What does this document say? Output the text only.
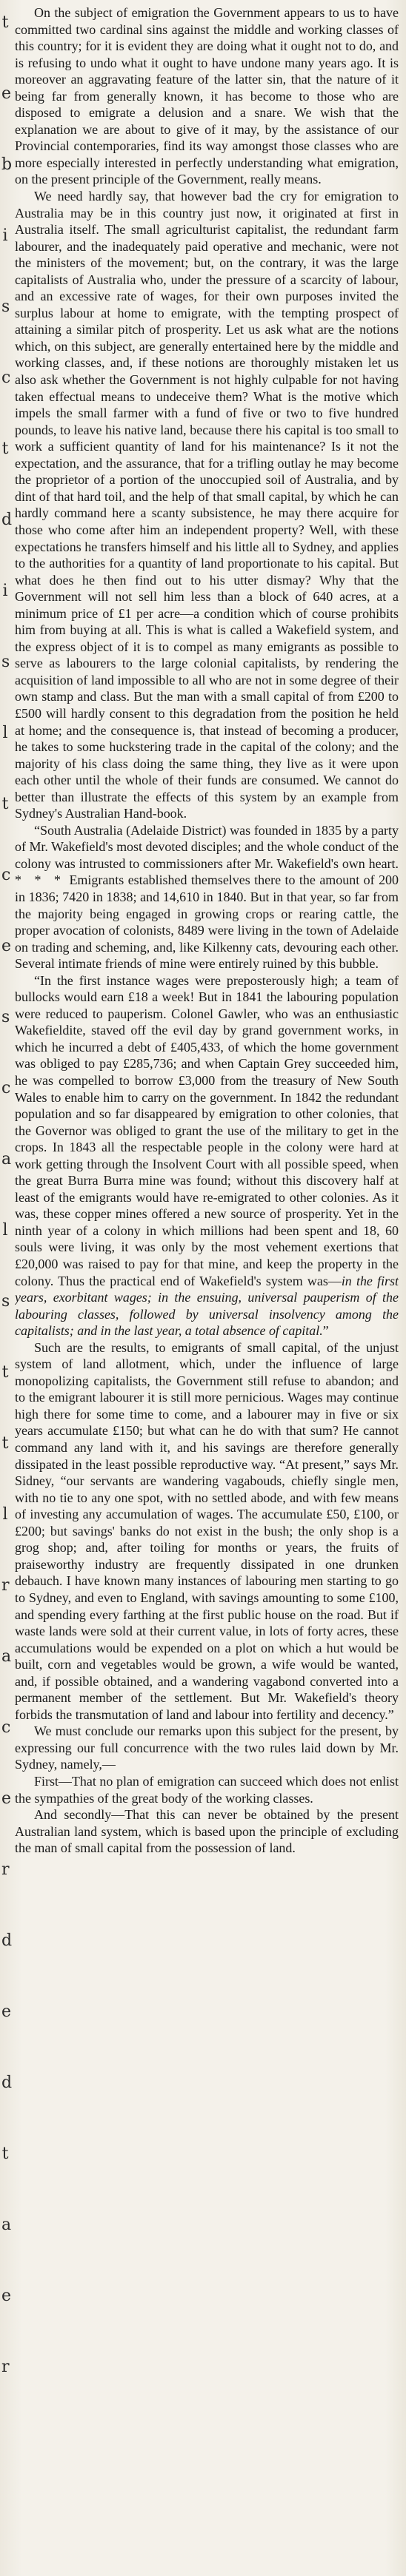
t
e
b
i
s
c
t
d
i
s
l
t
c
e
s
c
a
l
s
t
t
l
r
a
c
e
r
d
e
d
t
a
e
r

On the subject of emigration the Government appears to us to have committed two cardinal sins against the middle and working classes of this country; for it is evident they are doing what it ought not to do, and is refusing to undo what it ought to have undone many years ago. It is moreover an aggravating feature of the latter sin, that the nature of it being far from generally known, it has become to those who are disposed to emigrate a delusion and a snare. We wish that the explanation we are about to give of it may, by the assistance of our Provincial contemporaries, find its way amongst those classes who are more especially interested in perfectly understanding what emigration, on the present principle of the Government, really means.

We need hardly say, that however bad the cry for emigration to Australia may be in this country just now, it originated at first in Australia itself. The small agriculturist capitalist, the redundant farm labourer, and the inadequately paid operative and mechanic, were not the ministers of the movement; but, on the contrary, it was the large capitalists of Australia who, under the pressure of a scarcity of labour, and an excessive rate of wages, for their own purposes invited the surplus labour at home to emigrate, with the tempting prospect of attaining a similar pitch of prosperity. Let us ask what are the notions which, on this subject, are generally entertained here by the middle and working classes, and, if these notions are thoroughly mistaken let us also ask whether the Government is not highly culpable for not having taken effectual means to undeceive them? What is the motive which impels the small farmer with a fund of five or two to five hundred pounds, to leave his native land, because there his capital is too small to work a sufficient quantity of land for his maintenance? Is it not the expectation, and the assurance, that for a trifling outlay he may become the proprietor of a portion of the unoccupied soil of Australia, and by dint of that hard toil, and the help of that small capital, by which he can hardly command here a scanty subsistence, he may there acquire for those who come after him an independent property? Well, with these expectations he transfers himself and his little all to Sydney, and applies to the authorities for a quantity of land proportionate to his capital. But what does he then find out to his utter dismay? Why that the Government will not sell him less than a block of 640 acres, at a minimum price of £1 per acre—a condition which of course prohibits him from buying at all. This is what is called a Wakefield system, and the express object of it is to compel as many emigrants as possible to serve as labourers to the large colonial capitalists, by rendering the acquisition of land impossible to all who are not in some degree of their own stamp and class. But the man with a small capital of from £200 to £500 will hardly consent to this degradation from the position he held at home; and the consequence is, that instead of becoming a producer, he takes to some huckstering trade in the capital of the colony; and the majority of his class doing the same thing, they live as it were upon each other until the whole of their funds are consumed. We cannot do better than illustrate the effects of this system by an example from Sydney's Australian Hand-book.

“South Australia (Adelaide District) was founded in 1835 by a party of Mr. Wakefield's most devoted disciples; and the whole conduct of the colony was intrusted to commissioners after Mr. Wakefield's own heart. * * * Emigrants established themselves there to the amount of 200 in 1836; 7420 in 1838; and 14,610 in 1840. But in that year, so far from the majority being engaged in growing crops or rearing cattle, the proper avocation of colonists, 8489 were living in the town of Adelaide on trading and scheming, and, like Kilkenny cats, devouring each other. Several intimate friends of mine were entirely ruined by this bubble.

“In the first instance wages were preposterously high; a team of bullocks would earn £18 a week! But in 1841 the labouring population were reduced to pauperism. Colonel Gawler, who was an enthusiastic Wakefieldite, staved off the evil day by grand government works, in which he incurred a debt of £405,433, of which the home government was obliged to pay £285,736; and when Captain Grey succeeded him, he was compelled to borrow £3,000 from the treasury of New South Wales to enable him to carry on the government. In 1842 the redundant population and so far disappeared by emigration to other colonies, that the Governor was obliged to grant the use of the military to get in the crops. In 1843 all the respectable people in the colony were hard at work getting through the Insolvent Court with all possible speed, when the great Burra Burra mine was found; without this discovery half at least of the emigrants would have re-emigrated to other colonies. As it was, these copper mines offered a new source of prosperity. Yet in the ninth year of a colony in which millions had been spent and 18, 60 souls were living, it was only by the most vehement exertions that £20,000 was raised to pay for that mine, and keep the property in the colony. Thus the practical end of Wakefield's system was—in the first years, exorbitant wages; in the ensuing, universal pauperism of the labouring classes, followed by universal insolvency among the capitalists; and in the last year, a total absence of capital.”

Such are the results, to emigrants of small capital, of the unjust system of land allotment, which, under the influence of large monopolizing capitalists, the Government still refuse to abandon; and to the emigrant labourer it is still more pernicious. Wages may continue high there for some time to come, and a labourer may in five or six years accumulate £150; but what can he do with that sum? He cannot command any land with it, and his savings are therefore generally dissipated in the least possible reproductive way. “At present,” says Mr. Sidney, “our servants are wandering vagabouds, chiefly single men, with no tie to any one spot, with no settled abode, and with few means of investing any accumulation of wages. The accumulate £50, £100, or £200; but savings' banks do not exist in the bush; the only shop is a grog shop; and, after toiling for months or years, the fruits of praiseworthy industry are frequently dissipated in one drunken debauch. I have known many instances of labouring men starting to go to Sydney, and even to England, with savings amounting to some £100, and spending every farthing at the first public house on the road. But if waste lands were sold at their current value, in lots of forty acres, these accumulations would be expended on a plot on which a hut would be built, corn and vegetables would be grown, a wife would be wanted, and, if possible obtained, and a wandering vagabond converted into a permanent member of the settlement. But Mr. Wakefield's theory forbids the transmutation of land and labour into fertility and decency.”

We must conclude our remarks upon this subject for the present, by expressing our full concurrence with the two rules laid down by Mr. Sydney, namely,—

First—That no plan of emigration can succeed which does not enlist the sympathies of the great body of the working classes.

And secondly—That this can never be obtained by the present Australian land system, which is based upon the principle of excluding the man of small capital from the possession of land.
